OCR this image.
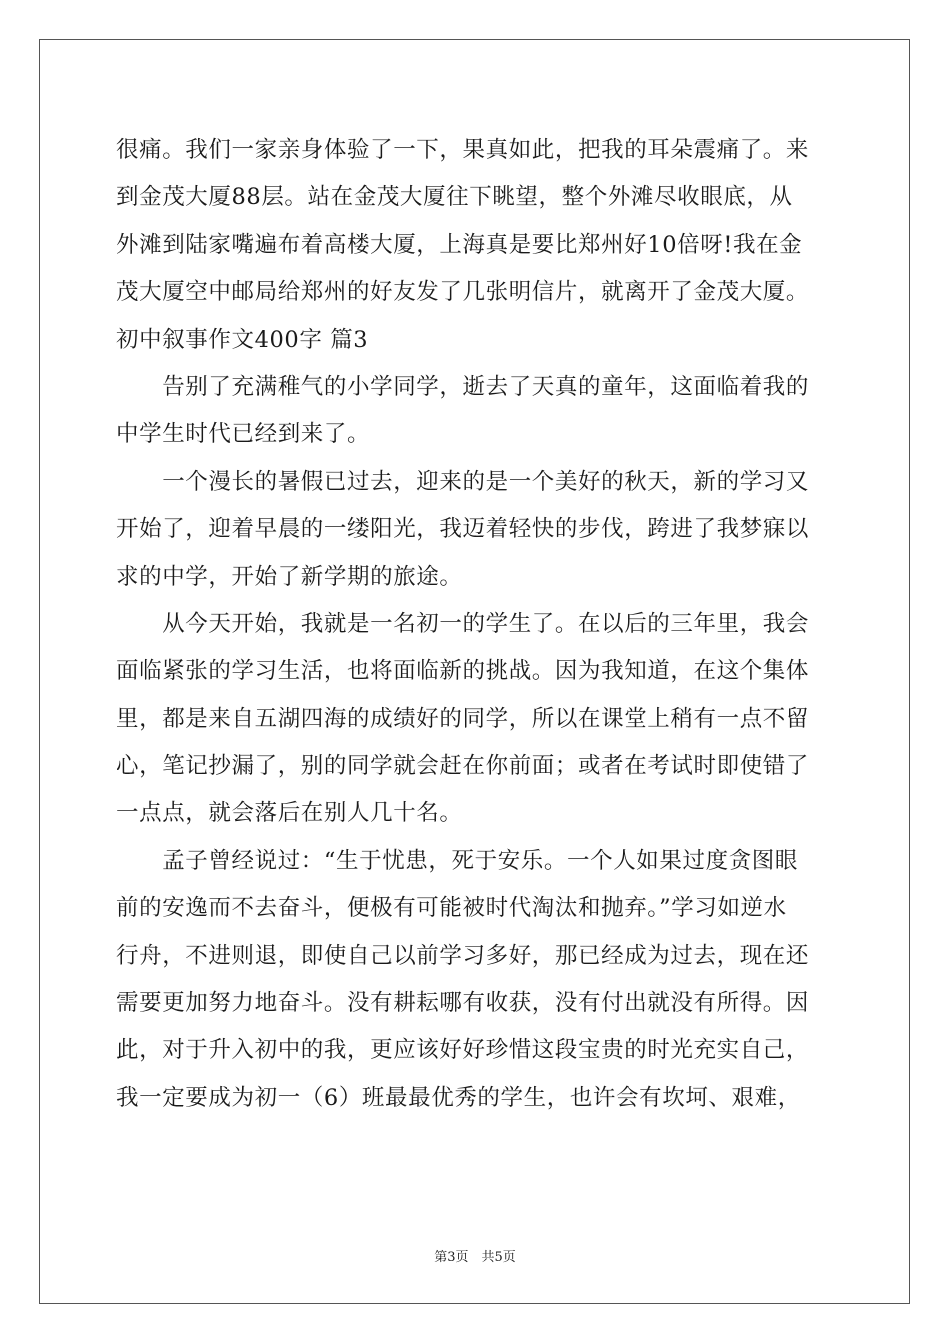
很痛。我们一家亲身体验了一下，果真如此，把我的耳朵震痛了。来
到金茂大厦88层。站在金茂大厦往下眺望，整个外滩尽收眼底，从
外滩到陆家嘴遍布着高楼大厦，上海真是要比郑州好10倍呀!我在金
茂大厦空中邮局给郑州的好友发了几张明信片，就离开了金茂大厦。
初中叙事作文400字 篇3
　　告别了充满稚气的小学同学，逝去了天真的童年，这面临着我的
中学生时代已经到来了。
　　一个漫长的暑假已过去，迎来的是一个美好的秋天，新的学习又
开始了，迎着早晨的一缕阳光，我迈着轻快的步伐，跨进了我梦寐以
求的中学，开始了新学期的旅途。
　　从今天开始，我就是一名初一的学生了。在以后的三年里，我会
面临紧张的学习生活，也将面临新的挑战。因为我知道，在这个集体
里，都是来自五湖四海的成绩好的同学，所以在课堂上稍有一点不留
心，笔记抄漏了，别的同学就会赶在你前面；或者在考试时即使错了
一点点，就会落后在别人几十名。
　　孟子曾经说过：“生于忧患，死于安乐。一个人如果过度贪图眼
前的安逸而不去奋斗，便极有可能被时代淘汰和抛弃。”学习如逆水
行舟，不进则退，即使自己以前学习多好，那已经成为过去，现在还
需要更加努力地奋斗。没有耕耘哪有收获，没有付出就没有所得。因
此，对于升入初中的我，更应该好好珍惜这段宝贵的时光充实自己，
我一定要成为初一（6）班最最优秀的学生，也许会有坎坷、艰难，
第3页　共5页
